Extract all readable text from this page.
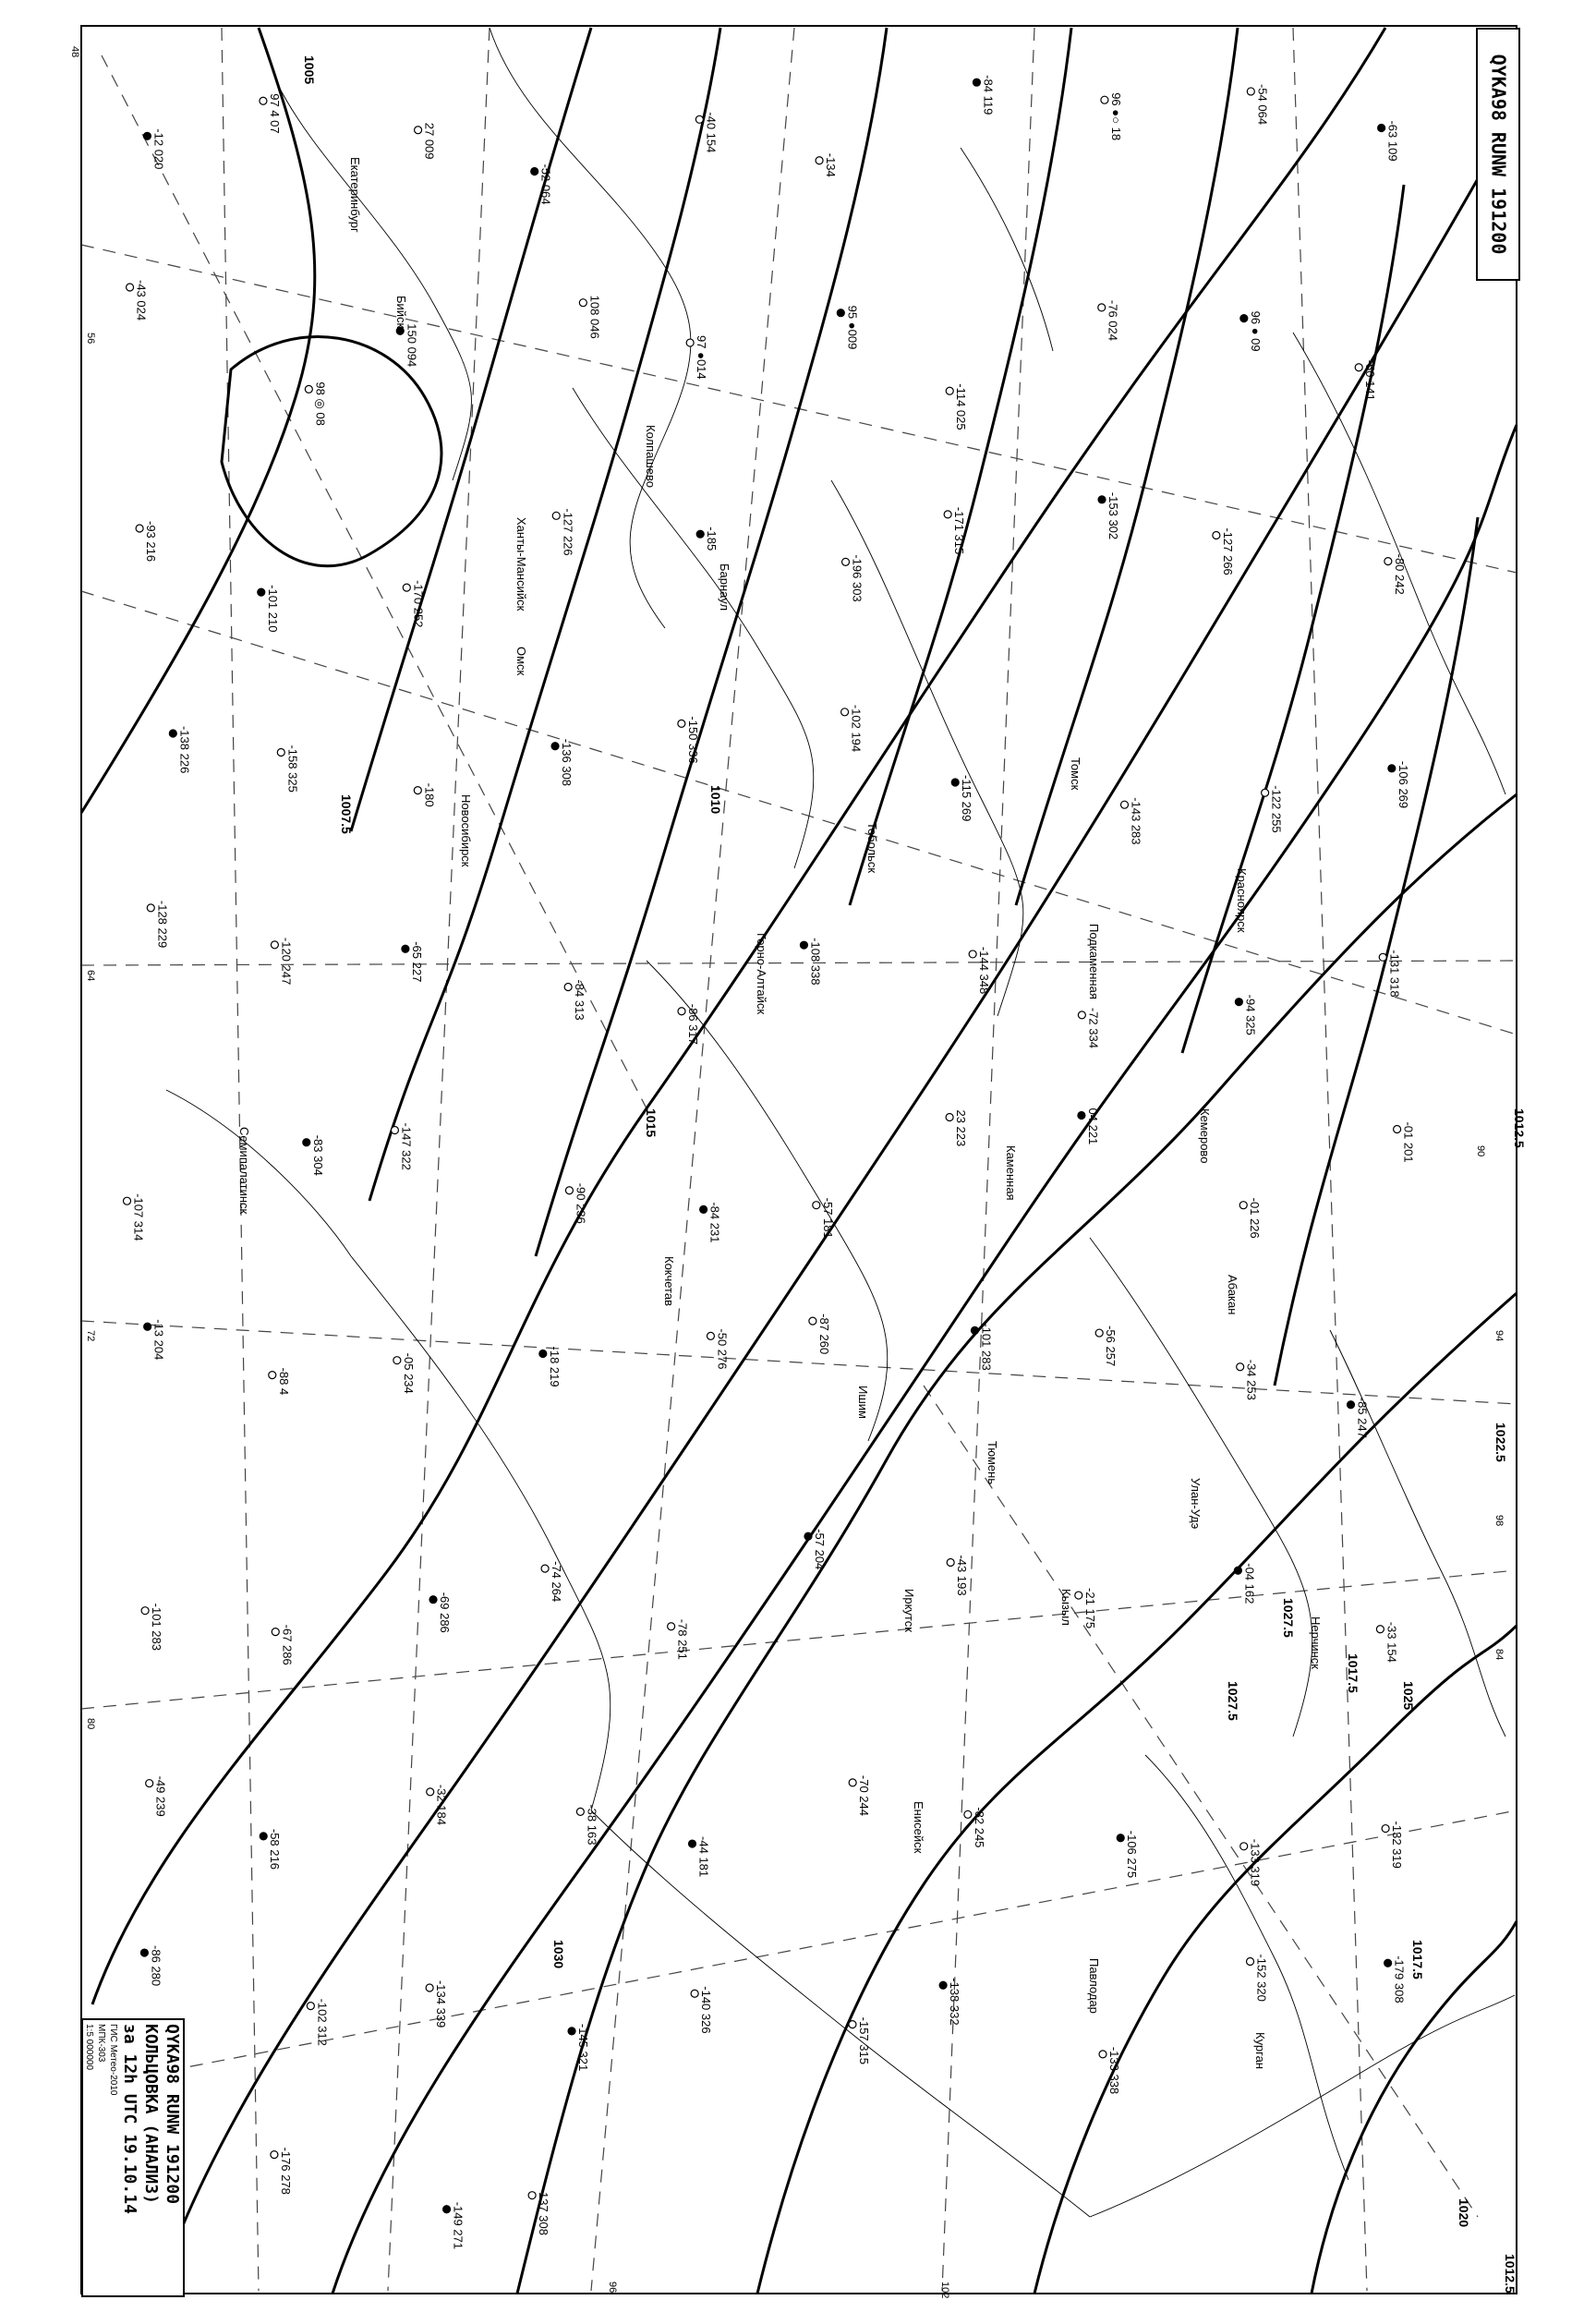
1005
1007.5	1010
1012.5
1012.5
1015
1017.5
1017.5
1020
1022.5
1025
1027.5
1027.5
1030
-12 020
97 4 07
27 009
-52 064
-40 154
-134
-84 119	96 ●○ 18	-54 064
-63 109
-43 024
98 ◎ 08
150 094
108 046
97 ●014
95 ●009
-114 025
-76 024	96 ● 09
-50 141
-93 216
-101 210	-170 252
-127 226	-185
-196 303
-171 315	-153 302
-127 266	-80 242
-138 226	-158 325
-180
-136 308	-150 336	-102 194
-115 269	-143 283	-122 255
-106 269
-128 229
-120 247	-65 227
-84 313
-86 317
-108 338	-144 348
-72 334	-94 325
-131 318
-107 314
-83 304	-147 322
-90 236	-84 231	-57 181
23 223	04 221
-01 226
-01 201
-13 204
-88 4	-05 234	-18 219	-50 276	-87 260	-101 283	-56 257
-34 253
-85 247
-101 283	-67 286
-69 286
-74 264
-78 251
-57 204
-43 193
-21 175
-04 162
-33 154
-49 239
-58 216
-32 184	-38 163
-44 181
-70 244
-82 245
-106 275	-133 319	-132 319
-86 280
-102 312	-134 339
-145 321
-140 326
-157 315
-138 332
-133 338
-152 320	-179 308
-176 278
-149 271	-137 308
Екатеринбург
Омск
Новосибирск
Барнаул
Семипалатинск
Кокчетав
Ишим
Тюмень
Тобольск
Томск
Красноярск
Кемерово
Иркутск
Улан-Удэ
Абакан
Кызыл
Нерчинск
Енисейск
Павлодар
Курган
Ханты-Мансийск
Колпашево
Бийск
Горно-Алтайск
Каменная
Подкаменная
48
56
64
72
80
96	102
84
90
94
98
QYKA98 RUNW 191200
QYKA98 RUNW 191200
КОЛЬЦОВКА (АНАЛИЗ)
за 12h UTC 19.10.14
ГИС Метео-2010
МПК-303
1:5 000000
